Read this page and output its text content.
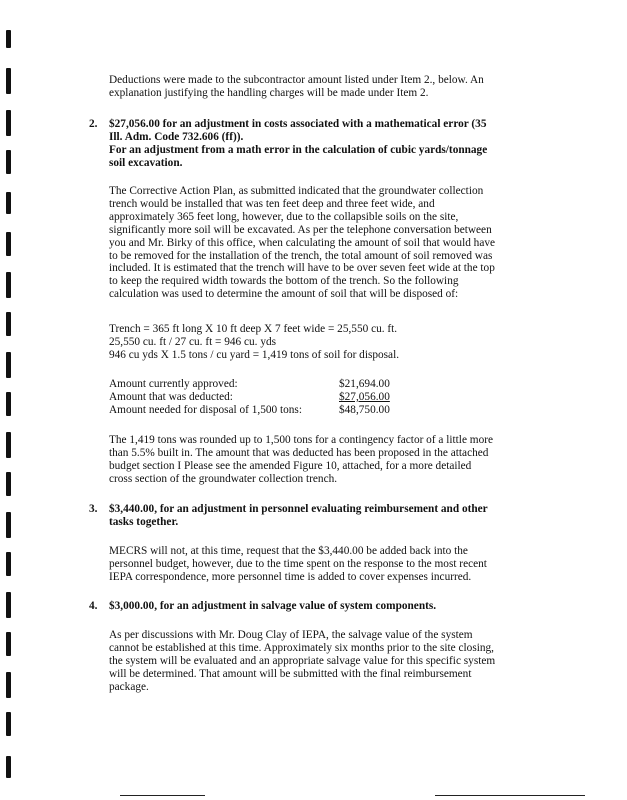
Deductions were made to the subcontractor amount listed under Item 2., below. An
explanation justifying the handling charges will be made under Item 2.

2. $27,056.00 for an adjustment in costs associated with a mathematical error (35
Ill. Adm. Code 732.606 (ff)).
For an adjustment from a math error in the calculation of cubic yards/tonnage
soil excavation.

The Corrective Action Plan, as submitted indicated that the groundwater collection
trench would be installed that was ten feet deep and three feet wide, and
approximately 365 feet long, however, due to the collapsible soils on the site,
significantly more soil will be excavated. As per the telephone conversation between
you and Mr. Birky of this office, when calculating the amount of soil that would have
to be removed for the installation of the trench, the total amount of soil removed was
included. It is estimated that the trench will have to be over seven feet wide at the top
to keep the required width towards the bottom of the trench. So the following
calculation was used to determine the amount of soil that will be disposed of:

Trench = 365 ft long X 10 ft deep X 7 feet wide = 25,550 cu. ft.
25,550 cu. ft / 27 cu. ft = 946 cu. yds
946 cu yds X 1.5 tons / cu yard = 1,419 tons of soil for disposal.

Amount currently approved:	$21,694.00
Amount that was deducted:	$27,056.00
Amount needed for disposal of 1,500 tons:	$48,750.00

The 1,419 tons was rounded up to 1,500 tons for a contingency factor of a little more
than 5.5% built in. The amount that was deducted has been proposed in the attached
budget section I Please see the amended Figure 10, attached, for a more detailed
cross section of the groundwater collection trench.

3. $3,440.00, for an adjustment in personnel evaluating reimbursement and other
tasks together.

MECRS will not, at this time, request that the $3,440.00 be added back into the
personnel budget, however, due to the time spent on the response to the most recent
IEPA correspondence, more personnel time is added to cover expenses incurred.

4. $3,000.00, for an adjustment in salvage value of system components.

As per discussions with Mr. Doug Clay of IEPA, the salvage value of the system
cannot be established at this time. Approximately six months prior to the site closing,
the system will be evaluated and an appropriate salvage value for this specific system
will be determined. That amount will be submitted with the final reimbursement
package.
